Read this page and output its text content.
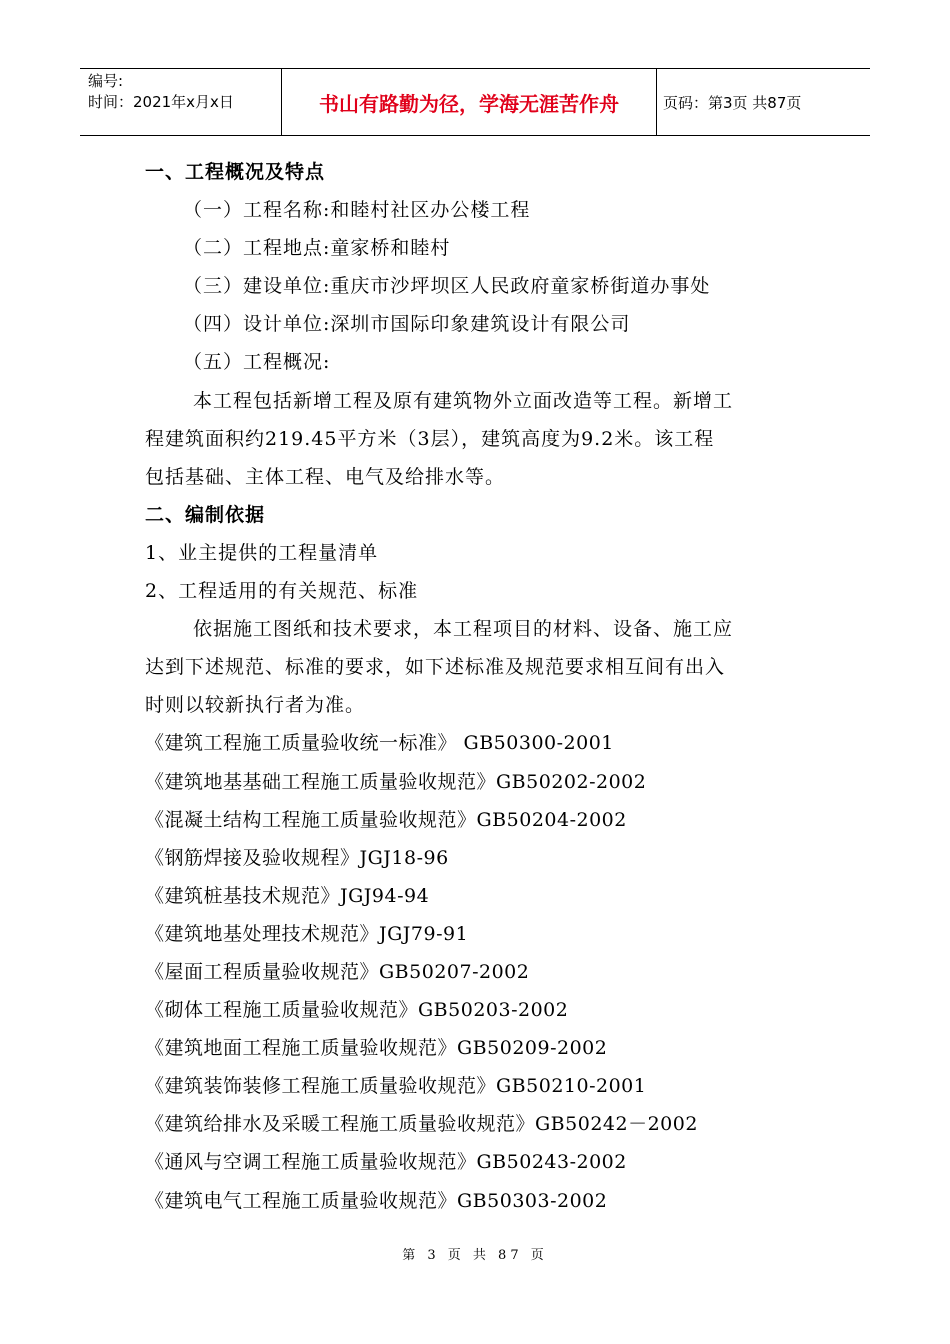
编号:
时间：2021年x月x日	书山有路勤为径，学海无涯苦作舟	页码：第3页 共87页
一、工程概况及特点
（一）工程名称:和睦村社区办公楼工程
（二）工程地点:童家桥和睦村
（三）建设单位:重庆市沙坪坝区人民政府童家桥街道办事处
（四）设计单位:深圳市国际印象建筑设计有限公司
（五）工程概况:
本工程包括新增工程及原有建筑物外立面改造等工程。新增工
程建筑面积约219.45平方米（3层），建筑高度为9.2米。该工程
包括基础、主体工程、电气及给排水等。
二、编制依据
1、业主提供的工程量清单
2、工程适用的有关规范、标准
依据施工图纸和技术要求，本工程项目的材料、设备、施工应
达到下述规范、标准的要求，如下述标准及规范要求相互间有出入
时则以较新执行者为准。
《建筑工程施工质量验收统一标准》 GB50300-2001
《建筑地基基础工程施工质量验收规范》GB50202-2002
《混凝土结构工程施工质量验收规范》GB50204-2002
《钢筋焊接及验收规程》JGJ18-96
《建筑桩基技术规范》JGJ94-94
《建筑地基处理技术规范》JGJ79-91
《屋面工程质量验收规范》GB50207-2002
《砌体工程施工质量验收规范》GB50203-2002
《建筑地面工程施工质量验收规范》GB50209-2002
《建筑装饰装修工程施工质量验收规范》GB50210-2001
《建筑给排水及采暖工程施工质量验收规范》GB50242－2002
《通风与空调工程施工质量验收规范》GB50243-2002
《建筑电气工程施工质量验收规范》GB50303-2002
第 3 页 共 87 页
